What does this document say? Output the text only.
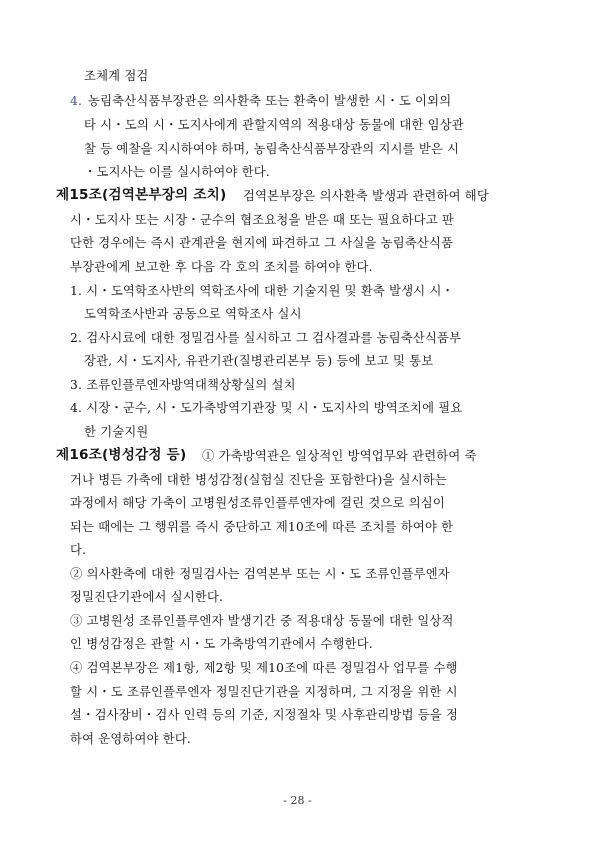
조체계 점검
4. 농림축산식품부장관은 의사환축 또는 환축이 발생한 시・도 이외의
타 시・도의 시・도지사에게 관할지역의 적용대상 동물에 대한 임상관
찰 등 예찰을 지시하여야 하며, 농림축산식품부장관의 지시를 받은 시
・도지사는 이를 실시하여야 한다.
제15조(검역본부장의 조치) 검역본부장은 의사환축 발생과 관련하여 해당
시・도지사 또는 시장・군수의 협조요청을 받은 때 또는 필요하다고 판
단한 경우에는 즉시 관계관을 현지에 파견하고 그 사실을 농림축산식품
부장관에게 보고한 후 다음 각 호의 조치를 하여야 한다.
1. 시・도역학조사반의 역학조사에 대한 기술지원 및 환축 발생시 시・
도역학조사반과 공동으로 역학조사 실시
2. 검사시료에 대한 정밀검사를 실시하고 그 검사결과를 농림축산식품부
장관, 시・도지사, 유관기관(질병관리본부 등) 등에 보고 및 통보
3. 조류인플루엔자방역대책상황실의 설치
4. 시장・군수, 시・도가축방역기관장 및 시・도지사의 방역조치에 필요
한 기술지원
제16조(병성감정 등) ① 가축방역관은 일상적인 방역업무와 관련하여 죽
거나 병든 가축에 대한 병성감정(실험실 진단을 포함한다)을 실시하는
과정에서 해당 가축이 고병원성조류인플루엔자에 걸린 것으로 의심이
되는 때에는 그 행위를 즉시 중단하고 제10조에 따른 조치를 하여야 한
다.
② 의사환축에 대한 정밀검사는 검역본부 또는 시・도 조류인플루엔자
정밀진단기관에서 실시한다.
③ 고병원성 조류인플루엔자 발생기간 중 적용대상 동물에 대한 일상적
인 병성감정은 관할 시・도 가축방역기관에서 수행한다.
④ 검역본부장은 제1항, 제2항 및 제10조에 따른 정밀검사 업무를 수행
할 시・도 조류인플루엔자 정밀진단기관을 지정하며, 그 지정을 위한 시
설・검사장비・검사 인력 등의 기준, 지정절차 및 사후관리방법 등을 정
하여 운영하여야 한다.
- 28 -
